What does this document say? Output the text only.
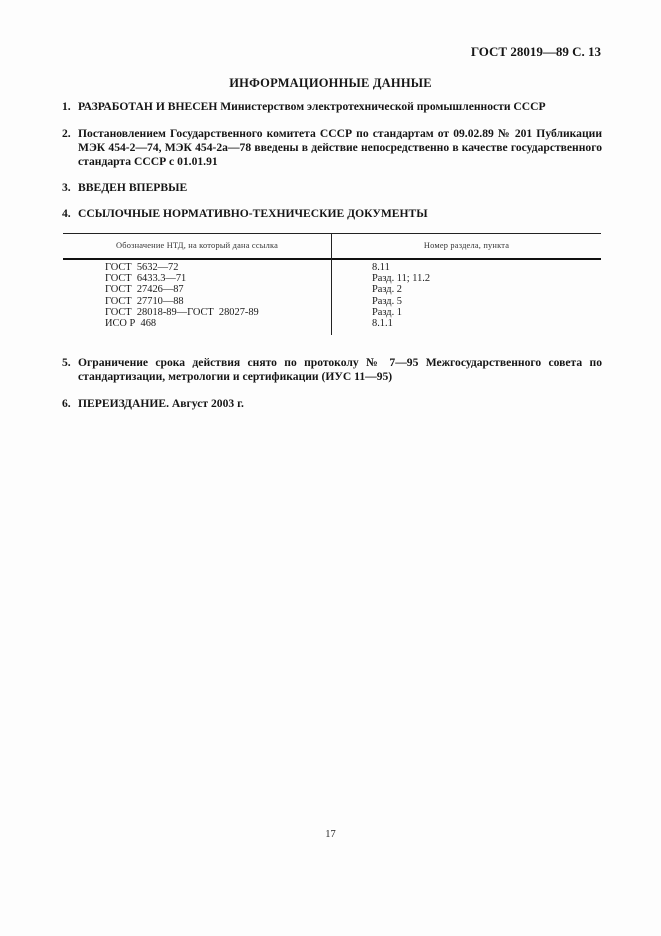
ГОСТ 28019—89 С. 13
ИНФОРМАЦИОННЫЕ ДАННЫЕ
1. РАЗРАБОТАН И ВНЕСЕН Министерством электротехнической промышленности СССР
2. Постановлением Государственного комитета СССР по стандартам от 09.02.89 № 201 Публикации МЭК 454-2—74, МЭК 454-2а—78 введены в действие непосредственно в качестве государственного стандарта СССР с 01.01.91
3. ВВЕДЕН ВПЕРВЫЕ
4. ССЫЛОЧНЫЕ НОРМАТИВНО-ТЕХНИЧЕСКИЕ ДОКУМЕНТЫ
Обозначение НТД, на который дана ссылка	Номер раздела, пункта
ГОСТ  5632—72
ГОСТ  6433.3—71
ГОСТ  27426—87
ГОСТ  27710—88
ГОСТ  28018-89—ГОСТ  28027-89
ИСО Р  468
8.11
Разд. 11; 11.2
Разд. 2
Разд. 5
Разд. 1
8.1.1
5. Ограничение срока действия снято по протоколу № 7—95 Межгосударственного совета по стандартизации, метрологии и сертификации (ИУС 11—95)
6. ПЕРЕИЗДАНИЕ. Август 2003 г.
17
